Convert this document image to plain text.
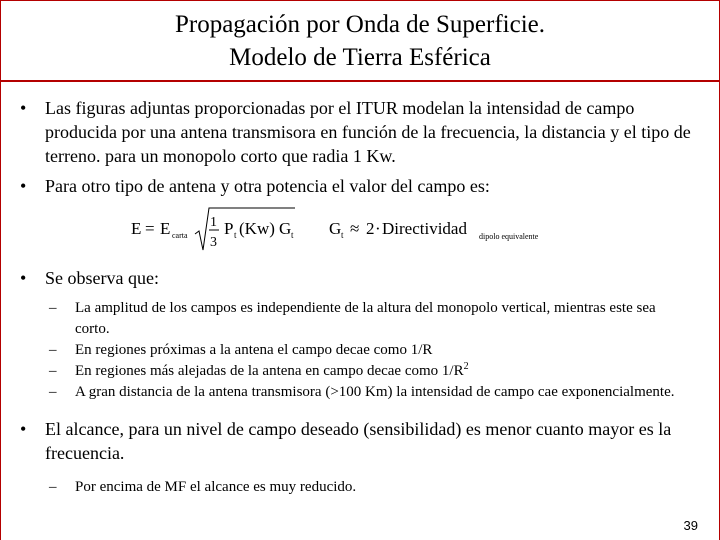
Propagación por Onda de Superficie.
Modelo de Tierra Esférica
• Las figuras adjuntas proporcionadas por el ITUR modelan la intensidad de campo producida por una antena transmisora en función de la frecuencia, la distancia y el tipo de terreno. para un monopolo corto que radia 1 Kw.
• Para otro tipo de antena y otra potencia el valor del campo es:
E = E carta
1
3
P t (Kw) G t G t ≈ 2 · Directividad dipolo equivalente
• Se observa que:
– La amplitud de los campos es independiente de la altura del monopolo vertical, mientras este sea corto.
– En regiones próximas a la antena el campo decae como 1/R
– En regiones más alejadas de la antena en campo decae como $1/R^2$
– A gran distancia de la antena transmisora (>100 Km) la intensidad de campo cae exponencialmente.
• El alcance, para un nivel de campo deseado (sensibilidad) es menor cuanto mayor es la frecuencia.
– Por encima de MF el alcance es muy reducido.
39
